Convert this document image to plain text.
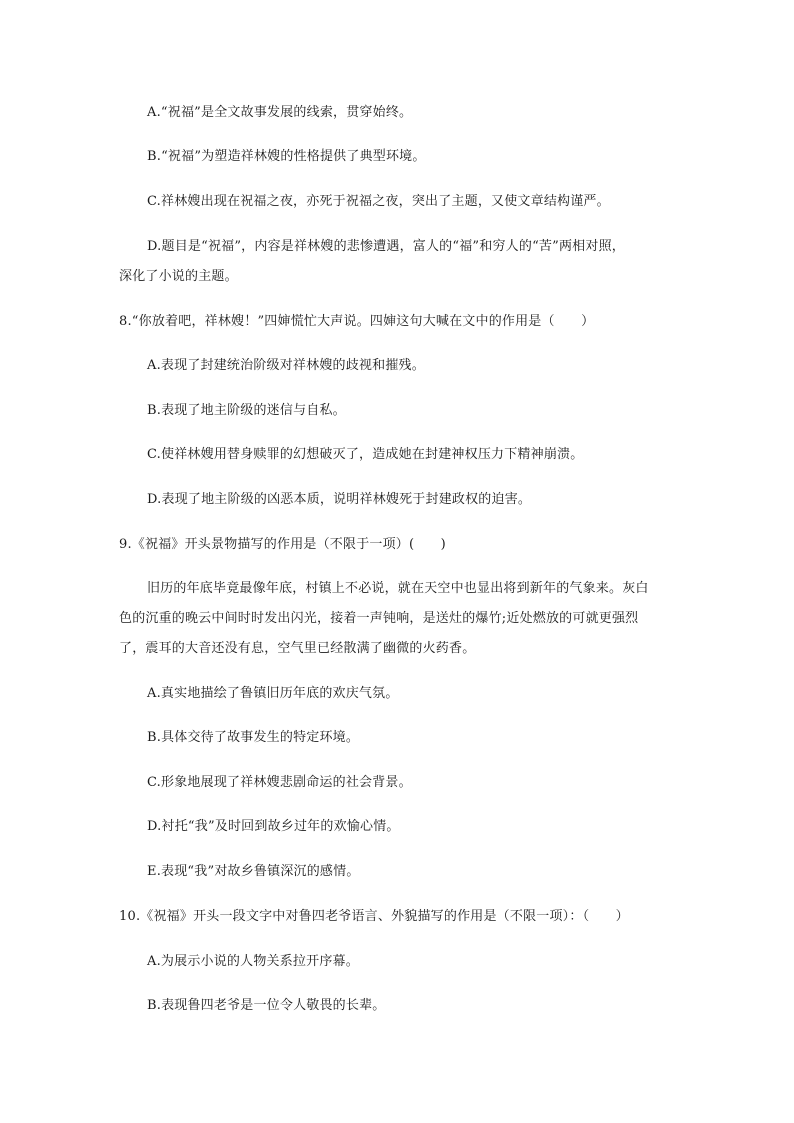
A.“祝福”是全文故事发展的线索，贯穿始终。
B.“祝福”为塑造祥林嫂的性格提供了典型环境。
C.祥林嫂出现在祝福之夜，亦死于祝福之夜，突出了主题，又使文章结构谨严。
D.题目是“祝福”，内容是祥林嫂的悲惨遭遇，富人的“福”和穷人的“苦”两相对照，
深化了小说的主题。
8.“你放着吧，祥林嫂！”四婶慌忙大声说。四婶这句大喊在文中的作用是（　　）
A.表现了封建统治阶级对祥林嫂的歧视和摧残。
B.表现了地主阶级的迷信与自私。
C.使祥林嫂用替身赎罪的幻想破灭了，造成她在封建神权压力下精神崩溃。
D.表现了地主阶级的凶恶本质，说明祥林嫂死于封建政权的迫害。
9.《祝福》开头景物描写的作用是（不限于一项）(　　)
旧历的年底毕竟最像年底，村镇上不必说，就在天空中也显出将到新年的气象来。灰白
色的沉重的晚云中间时时发出闪光，接着一声钝响，是送灶的爆竹;近处燃放的可就更强烈
了，震耳的大音还没有息，空气里已经散满了幽微的火药香。
A.真实地描绘了鲁镇旧历年底的欢庆气氛。
B.具体交待了故事发生的特定环境。
C.形象地展现了祥林嫂悲剧命运的社会背景。
D.衬托“我”及时回到故乡过年的欢愉心情。
E.表现“我”对故乡鲁镇深沉的感情。
10.《祝福》开头一段文字中对鲁四老爷语言、外貌描写的作用是（不限一项）：（　　）
A.为展示小说的人物关系拉开序幕。
B.表现鲁四老爷是一位令人敬畏的长辈。
